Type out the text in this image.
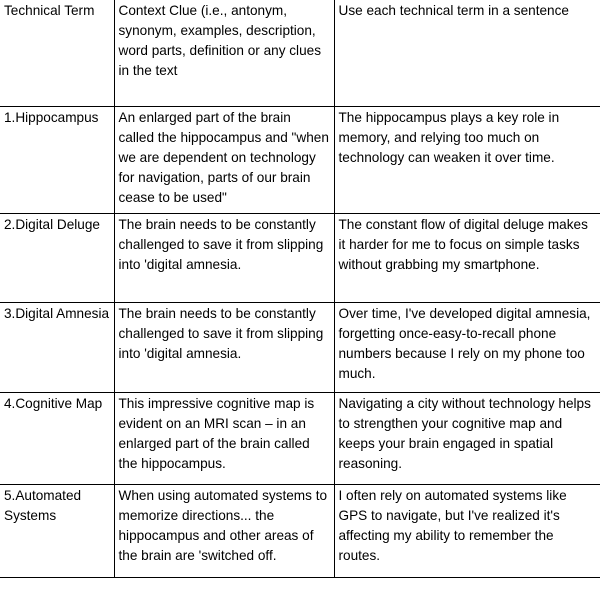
Technical Term	Context Clue (i.e., antonym, synonym, examples, description, word parts, definition or any clues in the text	Use each technical term in a sentence
1.Hippocampus	An enlarged part of the brain called the hippocampus and "when we are dependent on technology for navigation, parts of our brain cease to be used"	The hippocampus plays a key role in memory, and relying too much on technology can weaken it over time.
2.Digital Deluge	The brain needs to be constantly challenged to save it from slipping into 'digital amnesia.	The constant flow of digital deluge makes it harder for me to focus on simple tasks without grabbing my smartphone.
3.Digital Amnesia	The brain needs to be constantly challenged to save it from slipping into 'digital amnesia.	Over time, I've developed digital amnesia, forgetting once-easy-to-recall phone numbers because I rely on my phone too much.
4.Cognitive Map	This impressive cognitive map is evident on an MRI scan – in an enlarged part of the brain called the hippocampus.	Navigating a city without technology helps to strengthen your cognitive map and keeps your brain engaged in spatial reasoning.
5.Automated Systems	When using automated systems to memorize directions... the hippocampus and other areas of the brain are 'switched off.	I often rely on automated systems like GPS to navigate, but I've realized it's affecting my ability to remember the routes.
